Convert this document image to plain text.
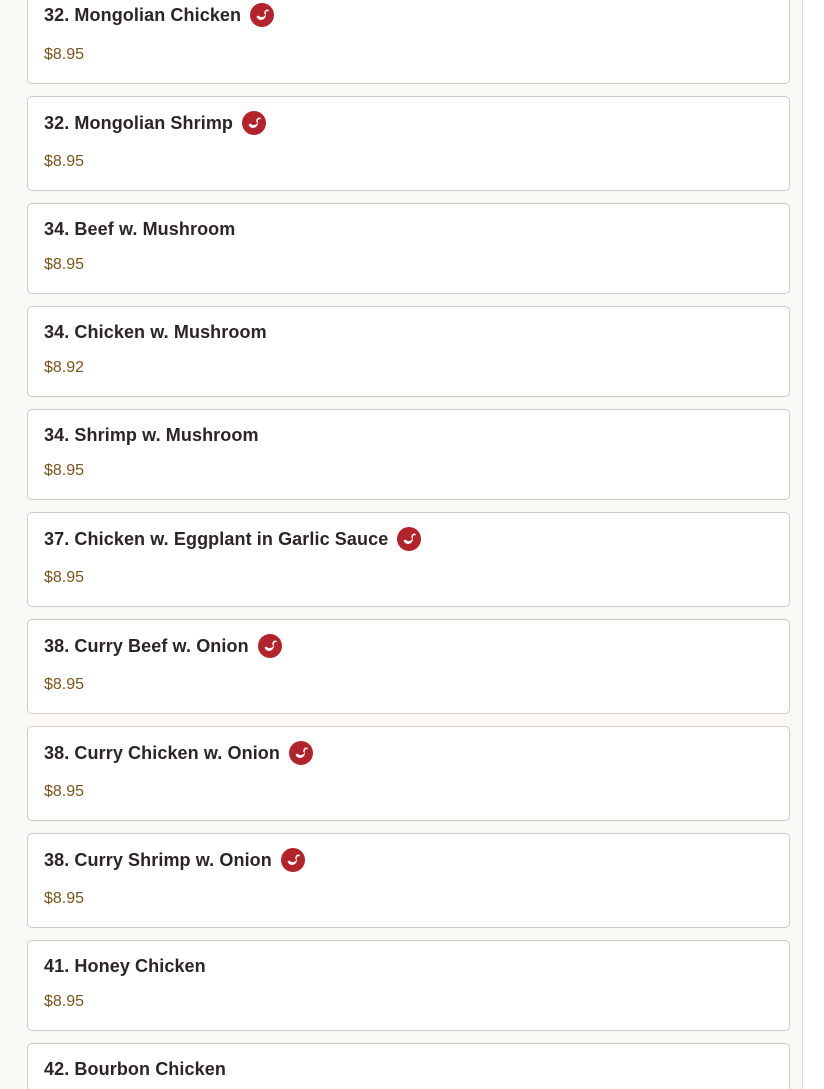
32. Mongolian Chicken
$8.95
32. Mongolian Shrimp
$8.95
34. Beef w. Mushroom
$8.95
34. Chicken w. Mushroom
$8.92
34. Shrimp w. Mushroom
$8.95
37. Chicken w. Eggplant in Garlic Sauce
$8.95
38. Curry Beef w. Onion
$8.95
38. Curry Chicken w. Onion
$8.95
38. Curry Shrimp w. Onion
$8.95
41. Honey Chicken
$8.95
42. Bourbon Chicken
